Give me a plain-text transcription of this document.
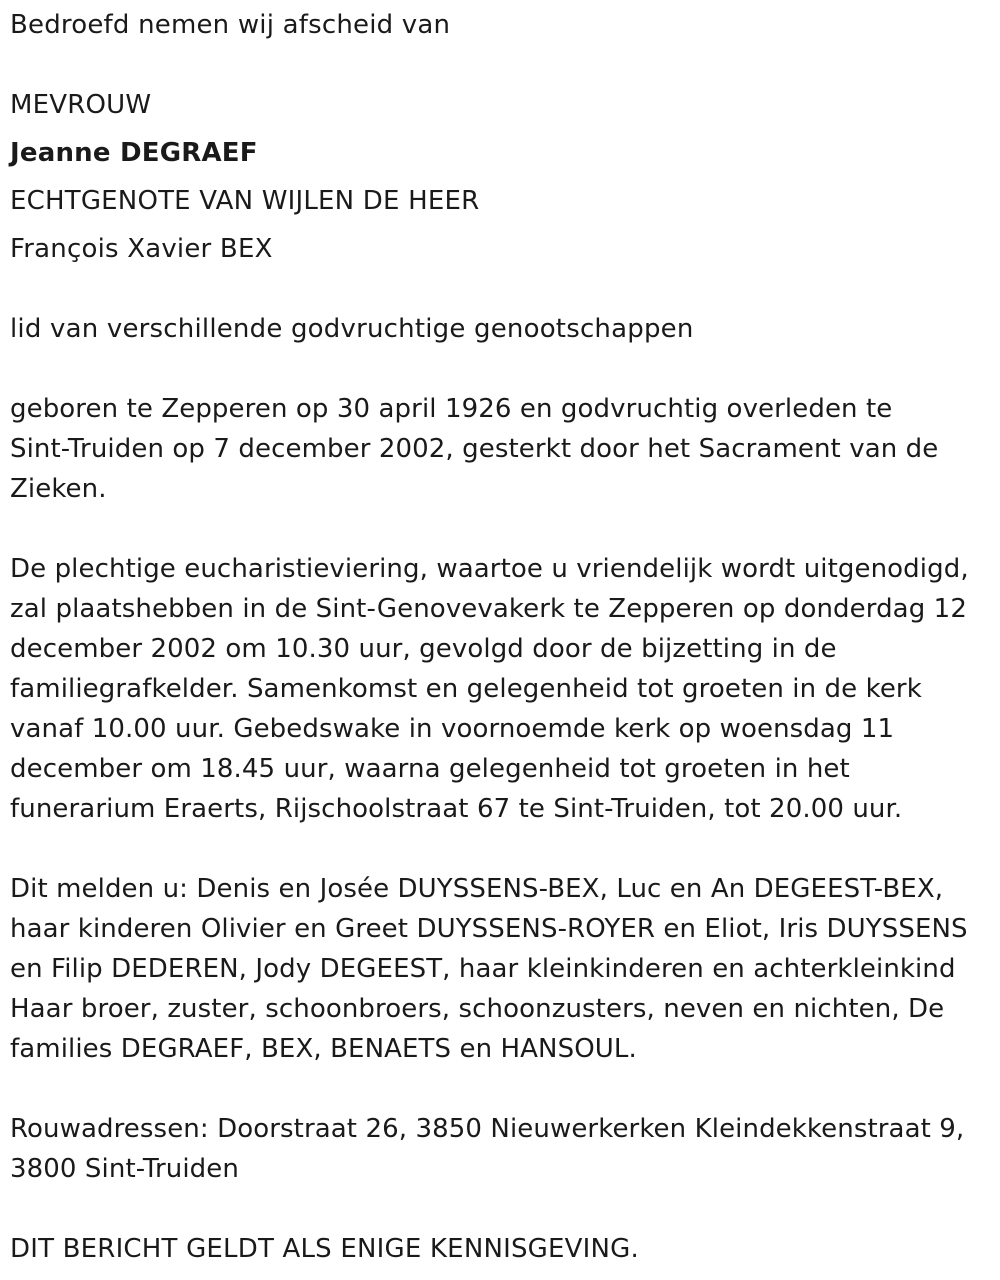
Bedroefd nemen wij afscheid van
MEVROUW
Jeanne DEGRAEF
ECHTGENOTE VAN WIJLEN DE HEER
François Xavier BEX
lid van verschillende godvruchtige genootschappen
geboren te Zepperen op 30 april 1926 en godvruchtig overleden te
Sint-Truiden op 7 december 2002, gesterkt door het Sacrament van de
Zieken.
De plechtige eucharistieviering, waartoe u vriendelijk wordt uitgenodigd,
zal plaatshebben in de Sint-Genovevakerk te Zepperen op donderdag 12
december 2002 om 10.30 uur, gevolgd door de bijzetting in de
familiegrafkelder. Samenkomst en gelegenheid tot groeten in de kerk
vanaf 10.00 uur. Gebedswake in voornoemde kerk op woensdag 11
december om 18.45 uur, waarna gelegenheid tot groeten in het
funerarium Eraerts, Rijschoolstraat 67 te Sint-Truiden, tot 20.00 uur.
Dit melden u: Denis en Josée DUYSSENS-BEX, Luc en An DEGEEST-BEX,
haar kinderen Olivier en Greet DUYSSENS-ROYER en Eliot, Iris DUYSSENS
en Filip DEDEREN, Jody DEGEEST, haar kleinkinderen en achterkleinkind
Haar broer, zuster, schoonbroers, schoonzusters, neven en nichten, De
families DEGRAEF, BEX, BENAETS en HANSOUL.
Rouwadressen: Doorstraat 26, 3850 Nieuwerkerken Kleindekkenstraat 9,
3800 Sint-Truiden
DIT BERICHT GELDT ALS ENIGE KENNISGEVING.
